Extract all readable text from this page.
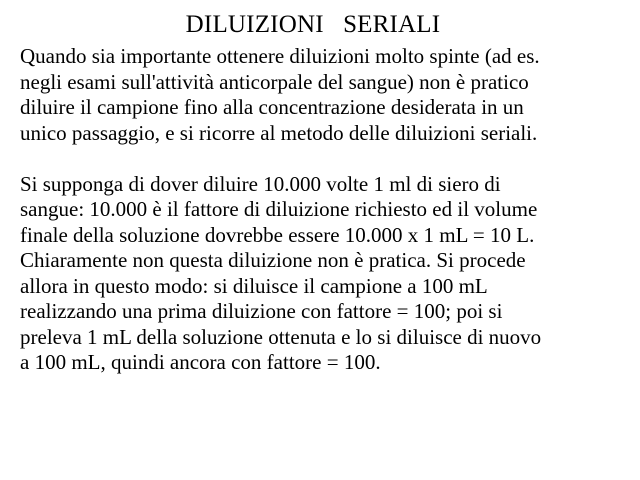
DILUIZIONI   SERIALI
Quando sia importante ottenere diluizioni molto spinte (ad es.
negli esami sull'attività anticorpale del sangue) non è pratico
diluire il campione fino alla concentrazione desiderata in un
unico passaggio, e si ricorre al metodo delle diluizioni seriali.
Si supponga di dover diluire 10.000 volte 1 ml di siero di
sangue: 10.000 è il fattore di diluizione richiesto ed il volume
finale della soluzione dovrebbe essere 10.000 x 1 mL = 10 L.
Chiaramente non questa diluizione non è pratica. Si procede
allora in questo modo: si diluisce il campione a 100 mL
realizzando una prima diluizione con fattore = 100; poi si
preleva 1 mL della soluzione ottenuta e lo si diluisce di nuovo
a 100 mL, quindi ancora con fattore = 100.
